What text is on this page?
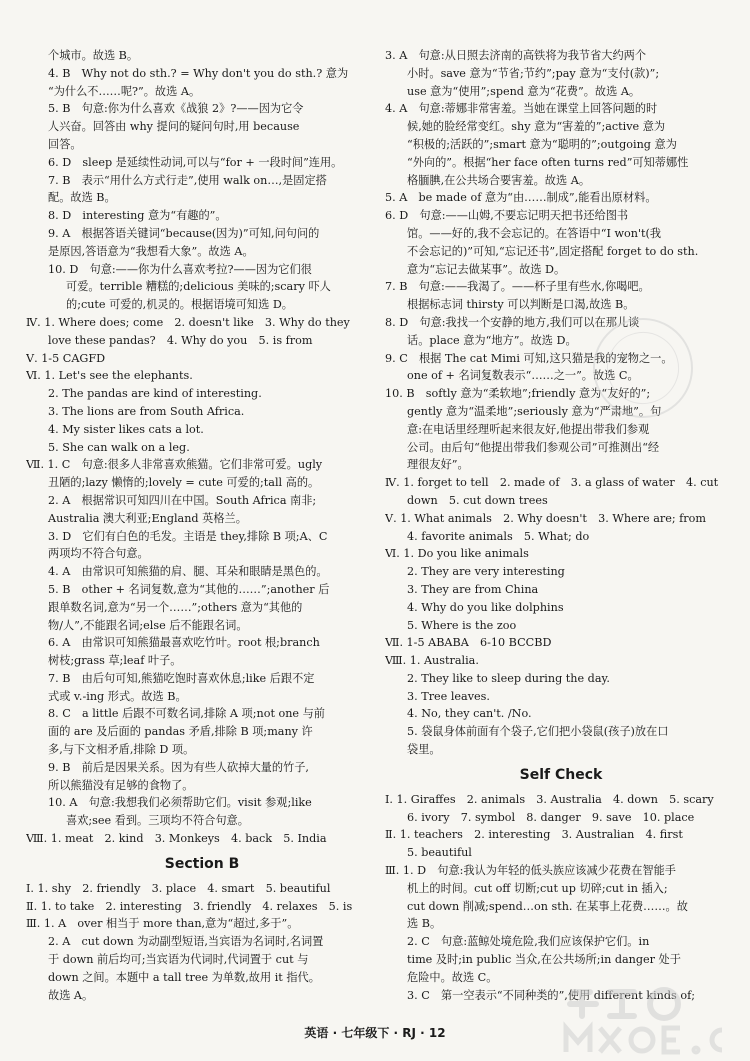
个城市。故选 B。
4. B　Why not do sth.? = Why don't you do sth.? 意为
“为什么不……呢?”。故选 A。
5. B　句意:你为什么喜欢《战狼 2》?——因为它令
人兴奋。回答由 why 提问的疑问句时,用 because
回答。
6. D　sleep 是延续性动词,可以与“for + 一段时间”连用。
7. B　表示“用什么方式行走”,使用 walk on…,是固定搭
配。故选 B。
8. D　interesting 意为“有趣的”。
9. A　根据答语关键词“because(因为)”可知,问句问的
是原因,答语意为“我想看大象”。故选 A。
10. D　句意:——你为什么喜欢考拉?——因为它们很
可爱。terrible 糟糕的;delicious 美味的;scary 吓人
的;cute 可爱的,机灵的。根据语境可知选 D。
Ⅳ. 1. Where does; come　2. doesn't like　3. Why do they
love these pandas?　4. Why do you　5. is from
Ⅴ. 1-5 CAGFD
Ⅵ. 1. Let's see the elephants.
2. The pandas are kind of interesting.
3. The lions are from South Africa.
4. My sister likes cats a lot.
5. She can walk on a leg.
Ⅶ. 1. C　句意:很多人非常喜欢熊猫。它们非常可爱。ugly
丑陋的;lazy 懒惰的;lovely = cute 可爱的;tall 高的。
2. A　根据常识可知四川在中国。South Africa 南非;
Australia 澳大利亚;England 英格兰。
3. D　它们有白色的毛发。主语是 they,排除 B 项;A、C
两项均不符合句意。
4. A　由常识可知熊猫的肩、腿、耳朵和眼睛是黑色的。
5. B　other + 名词复数,意为“其他的……”;another 后
跟单数名词,意为“另一个……”;others 意为“其他的
物/人”,不能跟名词;else 后不能跟名词。
6. A　由常识可知熊猫最喜欢吃竹叶。root 根;branch
树枝;grass 草;leaf 叶子。
7. B　由后句可知,熊猫吃饱时喜欢休息;like 后跟不定
式或 v.-ing 形式。故选 B。
8. C　a little 后跟不可数名词,排除 A 项;not one 与前
面的 are 及后面的 pandas 矛盾,排除 B 项;many 许
多,与下文相矛盾,排除 D 项。
9. B　前后是因果关系。因为有些人砍掉大量的竹子,
所以熊猫没有足够的食物了。
10. A　句意:我想我们必须帮助它们。visit 参观;like
喜欢;see 看到。三项均不符合句意。
Ⅷ. 1. meat　2. kind　3. Monkeys　4. back　5. India
Section B
Ⅰ. 1. shy　2. friendly　3. place　4. smart　5. beautiful
Ⅱ. 1. to take　2. interesting　3. friendly　4. relaxes　5. is
Ⅲ. 1. A　over 相当于 more than,意为“超过,多于”。
2. A　cut down 为动副型短语,当宾语为名词时,名词置
于 down 前后均可;当宾语为代词时,代词置于 cut 与
down 之间。本题中 a tall tree 为单数,故用 it 指代。
故选 A。
3. A　句意:从日照去济南的高铁将为我节省大约两个
小时。save 意为“节省;节约”;pay 意为“支付(款)”;
use 意为“使用”;spend 意为“花费”。故选 A。
4. A　句意:蒂娜非常害羞。当她在课堂上回答问题的时
候,她的脸经常变红。shy 意为“害羞的”;active 意为
“积极的;活跃的”;smart 意为“聪明的”;outgoing 意为
“外向的”。根据“her face often turns red”可知蒂娜性
格腼腆,在公共场合要害羞。故选 A。
5. A　be made of 意为“由……制成”,能看出原材料。
6. D　句意:——山姆,不要忘记明天把书还给图书
馆。——好的,我不会忘记的。在答语中“I won't(我
不会忘记的)”可知,“忘记还书”,固定搭配 forget to do sth.
意为“忘记去做某事”。故选 D。
7. B　句意:——我渴了。——杯子里有些水,你喝吧。
根据标志词 thirsty 可以判断是口渴,故选 B。
8. D　句意:我找一个安静的地方,我们可以在那儿谈
话。place 意为“地方”。故选 D。
9. C　根据 The cat Mimi 可知,这只猫是我的宠物之一。
one of + 名词复数表示“……之一”。故选 C。
10. B　softly 意为“柔软地”;friendly 意为“友好的”;
gently 意为“温柔地”;seriously 意为“严肃地”。句
意:在电话里经理听起来很友好,他提出带我们参观
公司。由后句“他提出带我们参观公司”可推测出“经
理很友好”。
Ⅳ. 1. forget to tell　2. made of　3. a glass of water　4. cut
down　5. cut down trees
Ⅴ. 1. What animals　2. Why doesn't　3. Where are; from
4. favorite animals　5. What; do
Ⅵ. 1. Do you like animals
2. They are very interesting
3. They are from China
4. Why do you like dolphins
5. Where is the zoo
Ⅶ. 1-5 ABABA　6-10 BCCBD
Ⅷ. 1. Australia.
2. They like to sleep during the day.
3. Tree leaves.
4. No, they can't. /No.
5. 袋鼠身体前面有个袋子,它们把小袋鼠(孩子)放在口
袋里。
Self Check
Ⅰ. 1. Giraffes　2. animals　3. Australia　4. down　5. scary
6. ivory　7. symbol　8. danger　9. save　10. place
Ⅱ. 1. teachers　2. interesting　3. Australian　4. first
5. beautiful
Ⅲ. 1. D　句意:我认为年轻的低头族应该减少花费在智能手
机上的时间。cut off 切断;cut up 切碎;cut in 插入;
cut down 削减;spend…on sth. 在某事上花费……。故
选 B。
2. C　句意:蓝鲸处境危险,我们应该保护它们。in
time 及时;in public 当众,在公共场所;in danger 处于
危险中。故选 C。
3. C　第一空表示“不同种类的”,使用 different kinds of;
英语 · 七年级下 · RJ · 12
